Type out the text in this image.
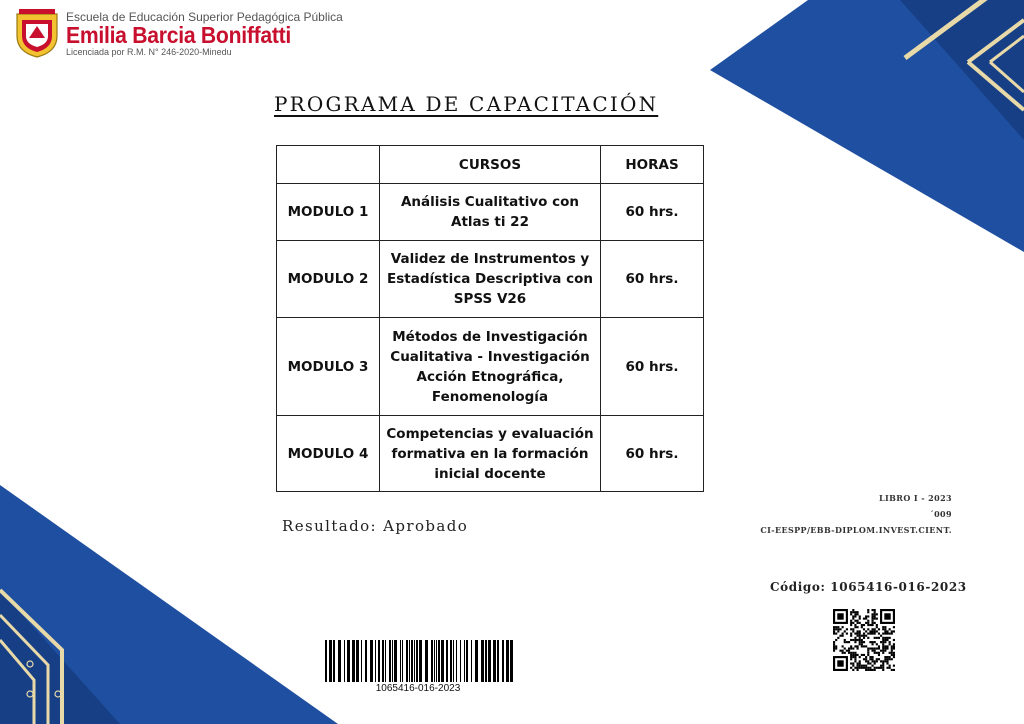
Escuela de Educación Superior Pedagógica Pública
Emilia Barcia Boniffatti
Licenciada por R.M. N° 246-2020-Minedu
PROGRAMA DE CAPACITACIÓN
	CURSOS	HORAS
MODULO 1	Análisis Cualitativo con Atlas ti 22	60 hrs.
MODULO 2	Validez de Instrumentos y Estadística Descriptiva con SPSS V26	60 hrs.
MODULO 3	Métodos de Investigación Cualitativa - Investigación Acción Etnográfica, Fenomenología	60 hrs.
MODULO 4	Competencias y evaluación formativa en la formación inicial docente	60 hrs.
Resultado: Aprobado
LIBRO I - 2023
´009
CI-EESPP/EBB-DIPLOM.INVEST.CIENT.
Código: 1065416-016-2023
1065416-016-2023
